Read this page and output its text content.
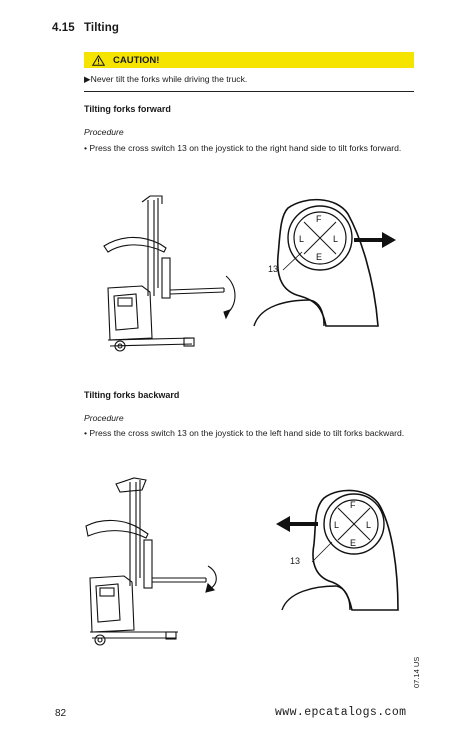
4.15 Tilting
CAUTION!
▶Never tilt the forks while driving the truck.
Tilting forks forward
Procedure
• Press the cross switch 13 on the joystick to the right hand side to tilt forks forward.
F
E
L	L
13
Tilting forks backward
Procedure
• Press the cross switch 13 on the joystick to the left hand side to tilt forks backward.
F
E
L	L
13
07.14 US
82	www.epcatalogs.com
